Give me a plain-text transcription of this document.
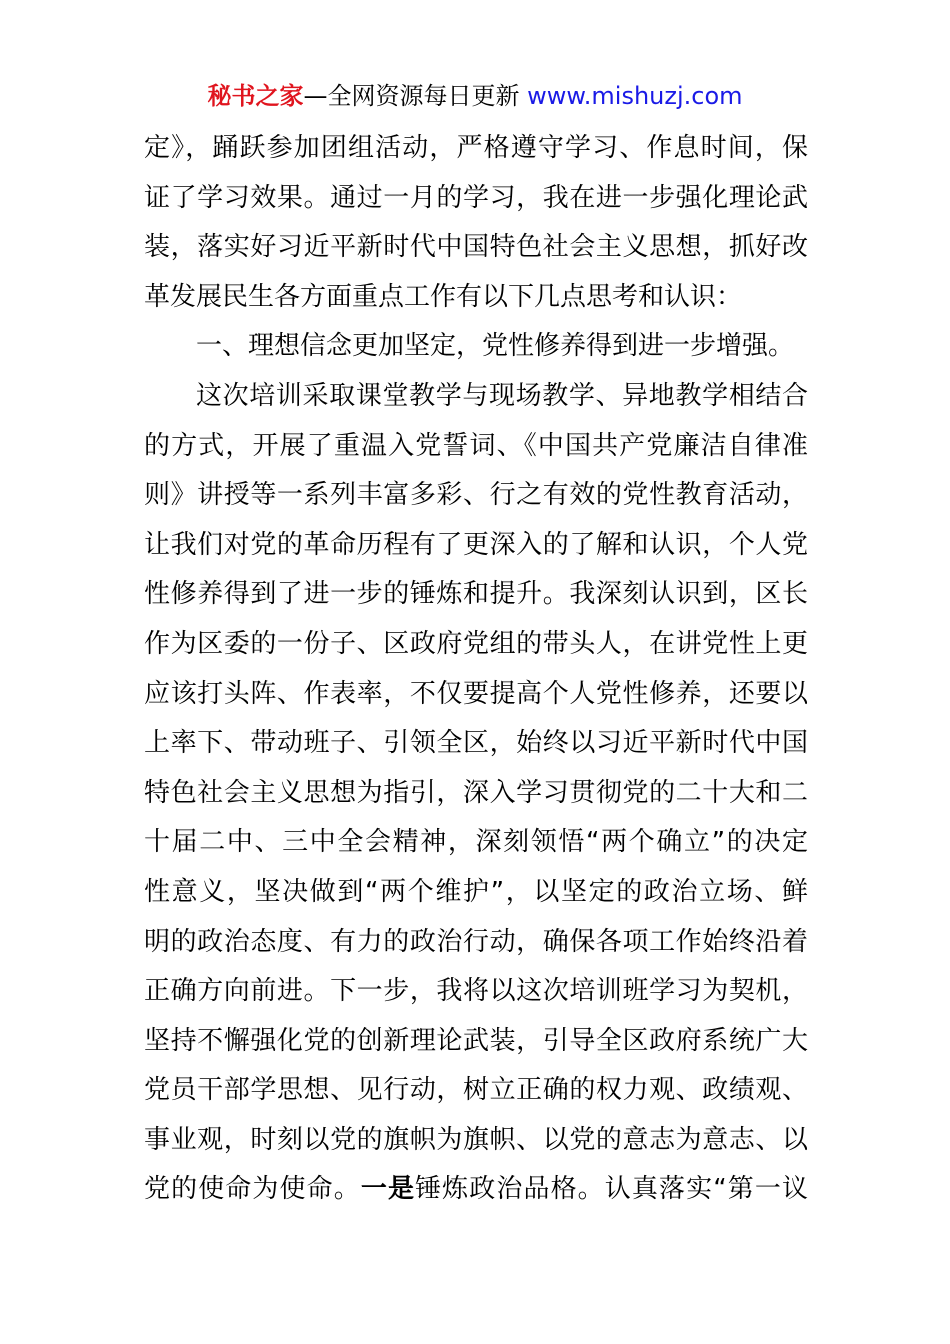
秘书之家—全网资源每日更新 www.mishuzj.com
定》，踊跃参加团组活动，严格遵守学习、作息时间，保
证了学习效果。通过一月的学习，我在进一步强化理论武
装，落实好习近平新时代中国特色社会主义思想，抓好改
革发展民生各方面重点工作有以下几点思考和认识：
一、理想信念更加坚定，党性修养得到进一步增强。
这次培训采取课堂教学与现场教学、异地教学相结合
的方式，开展了重温入党誓词、《中国共产党廉洁自律准
则》讲授等一系列丰富多彩、行之有效的党性教育活动，
让我们对党的革命历程有了更深入的了解和认识，个人党
性修养得到了进一步的锤炼和提升。我深刻认识到，区长
作为区委的一份子、区政府党组的带头人，在讲党性上更
应该打头阵、作表率，不仅要提高个人党性修养，还要以
上率下、带动班子、引领全区，始终以习近平新时代中国
特色社会主义思想为指引，深入学习贯彻党的二十大和二
十届二中、三中全会精神，深刻领悟“两个确立”的决定
性意义，坚决做到“两个维护”，以坚定的政治立场、鲜
明的政治态度、有力的政治行动，确保各项工作始终沿着
正确方向前进。下一步，我将以这次培训班学习为契机，
坚持不懈强化党的创新理论武装，引导全区政府系统广大
党员干部学思想、见行动，树立正确的权力观、政绩观、
事业观，时刻以党的旗帜为旗帜、以党的意志为意志、以
党的使命为使命。一是锤炼政治品格。认真落实“第一议
